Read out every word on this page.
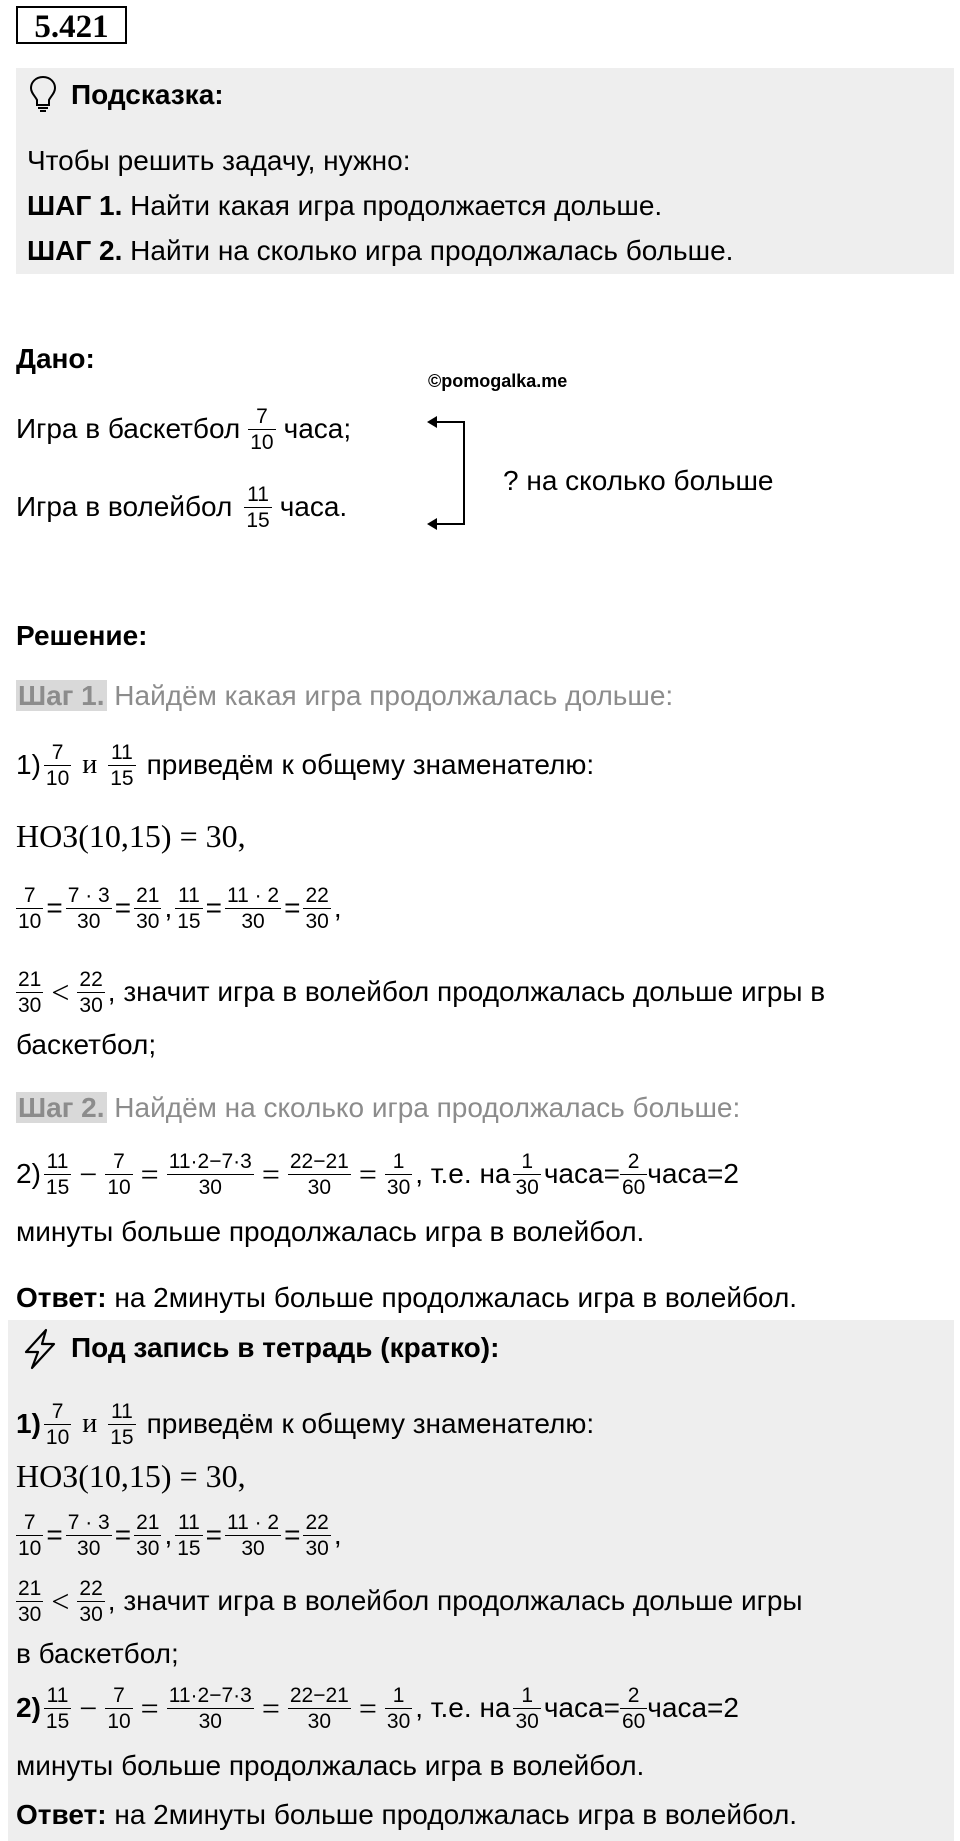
5.421
Подсказка:
Чтобы решить задачу, нужно:
ШАГ 1. Найти какая игра продолжается дольше.
ШАГ 2. Найти на сколько игра продолжалась больше.
Дано:
©pomogalka.me
Игра в баскетбол $\frac{7}{10}$ часа;
Игра в волейбол $\frac{11}{15}$ часа.
? на сколько больше
Решение:
Шаг 1. Найдём какая игра продолжалась дольше:
$1) \frac{7}{10}$ и $\frac{11}{15}$ приведём к общему знаменателю:
НОЗ(10,15) = 30,
$\frac{7}{10} = \frac{7 \cdot 3}{30} = \frac{21}{30}$ , $\frac{11}{15} = \frac{11 \cdot 2}{30} = \frac{22}{30}$ ,
$\frac{21}{30} < \frac{22}{30}$ , значит игра в волейбол продолжалась дольше игры в
баскетбол;
Шаг 2. Найдём на сколько игра продолжалась больше:
$2) \frac{11}{15} - \frac{7}{10} = \frac{11\cdot 2-7\cdot 3}{30} = \frac{22-21}{30} = \frac{1}{30}$ , т.е. на $\frac{1}{30}$ часа= $\frac{2}{60}$ часа=2
минуты больше продолжалась игра в волейбол.
Ответ: на 2минуты больше продолжалась игра в волейбол.
Под запись в тетрадь (кратко):
$1) \frac{7}{10}$ и $\frac{11}{15}$ приведём к общему знаменателю:
НОЗ(10,15) = 30,
$\frac{7}{10} = \frac{7 \cdot 3}{30} = \frac{21}{30}$ , $\frac{11}{15} = \frac{11 \cdot 2}{30} = \frac{22}{30}$ ,
$\frac{21}{30} < \frac{22}{30}$ , значит игра в волейбол продолжалась дольше игры
в баскетбол;
$2) \frac{11}{15} - \frac{7}{10} = \frac{11\cdot 2-7\cdot 3}{30} = \frac{22-21}{30} = \frac{1}{30}$ , т.е. на $\frac{1}{30}$ часа= $\frac{2}{60}$ часа=2
минуты больше продолжалась игра в волейбол.
Ответ: на 2минуты больше продолжалась игра в волейбол.
